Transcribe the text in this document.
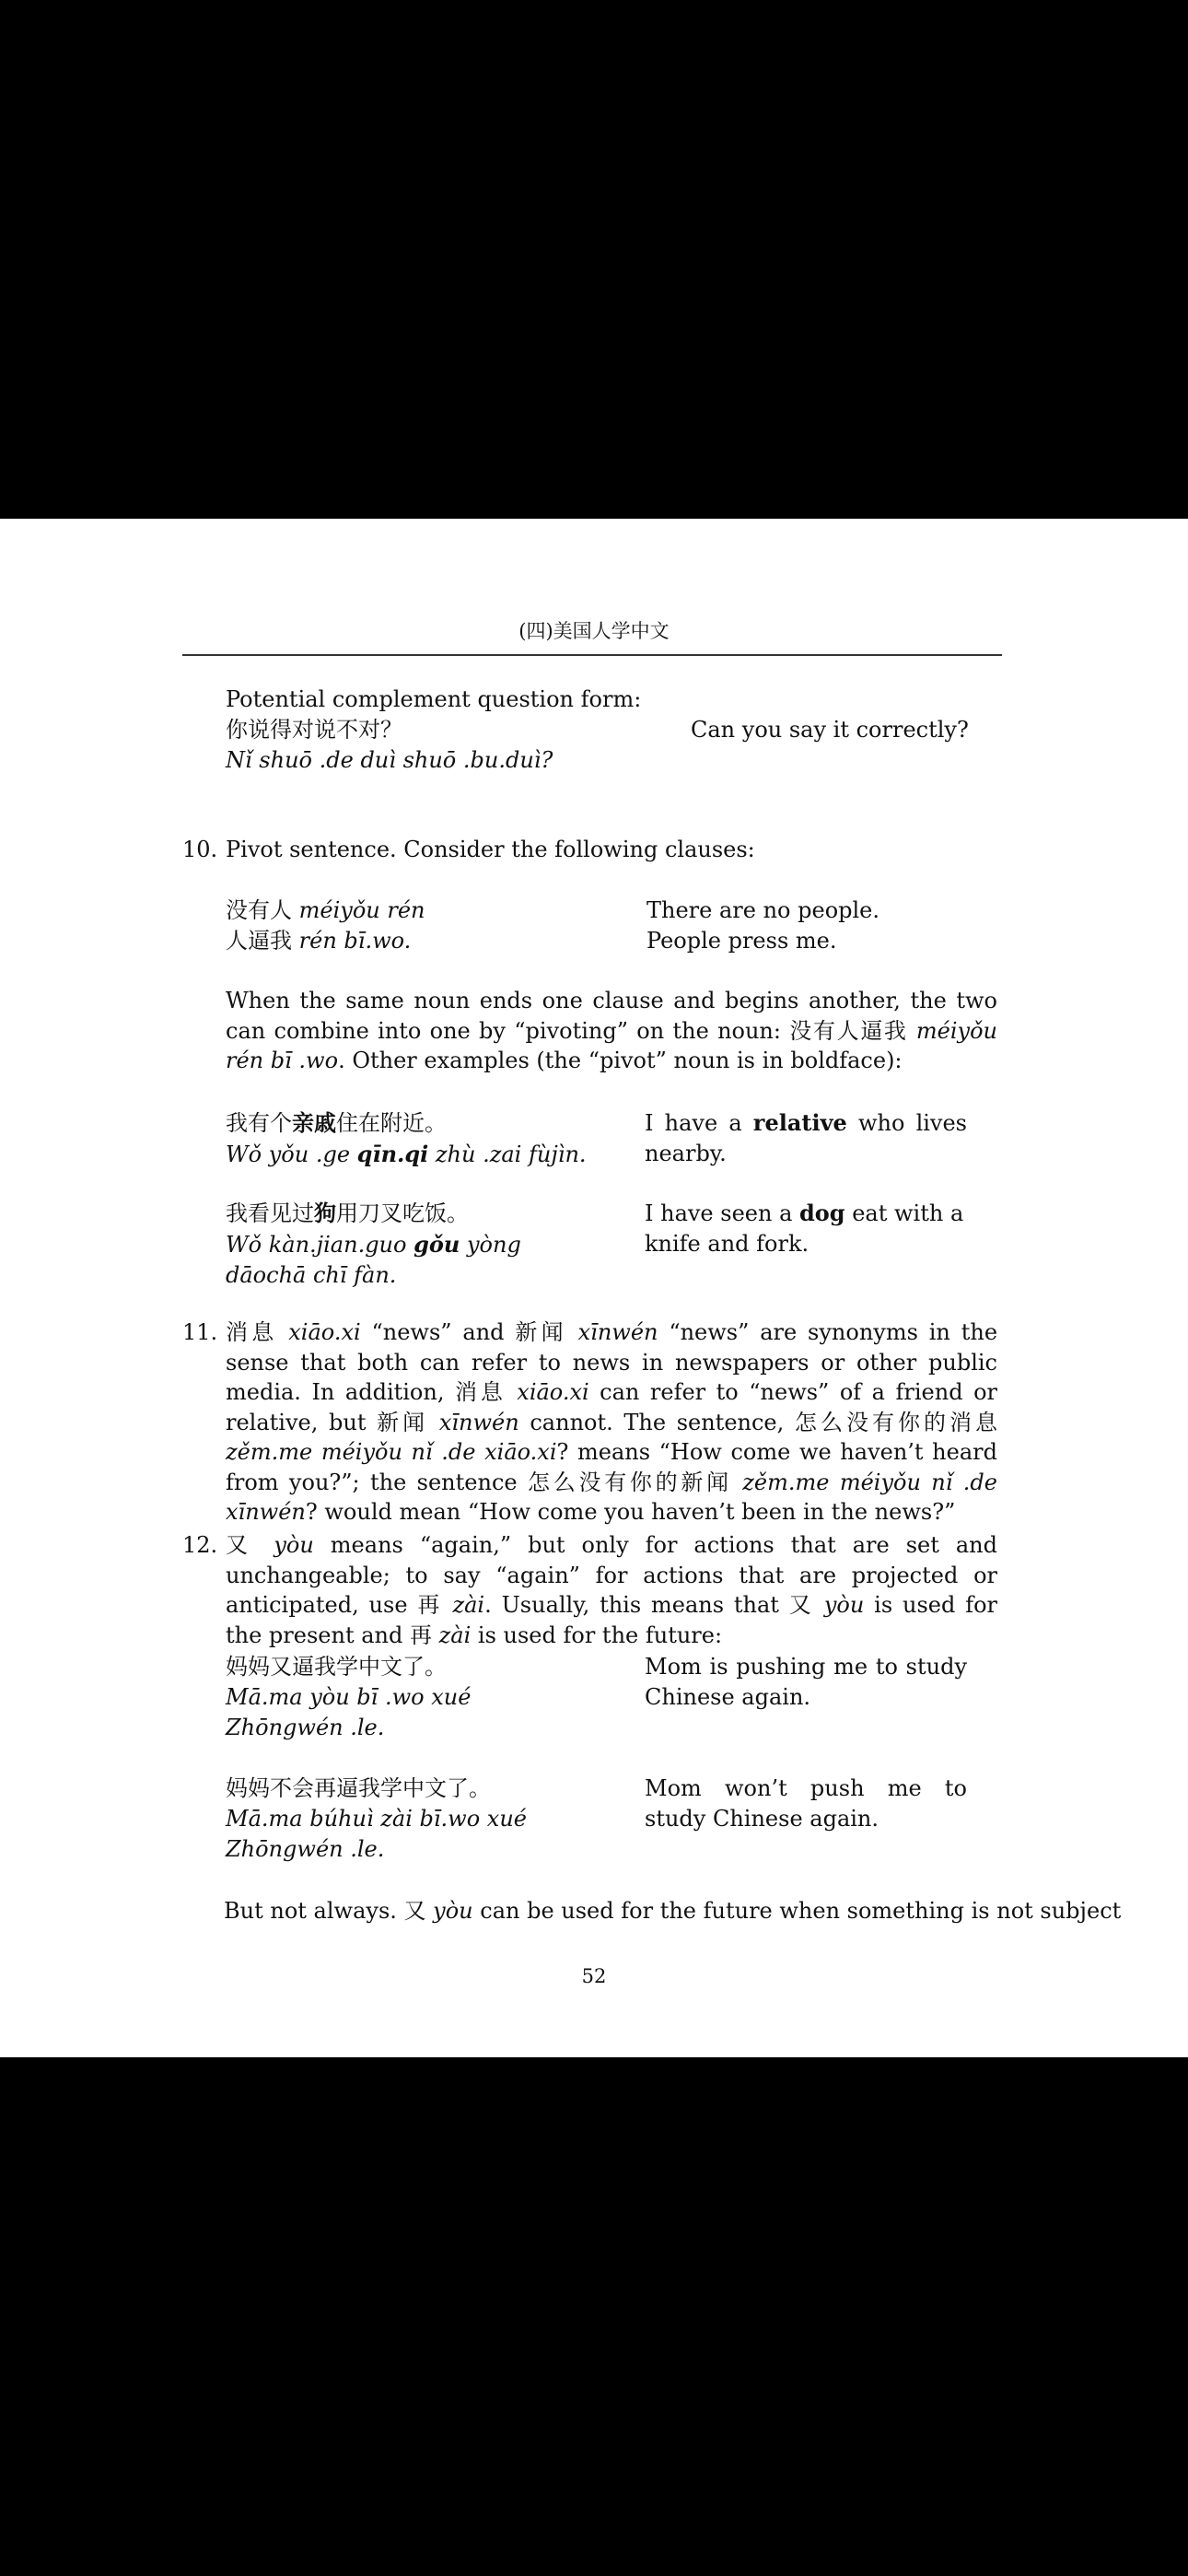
(四)美国人学中文
Potential complement question form:
你说得对说不对？
Nǐ shuō .de duì shuō .bu.duì?
Can you say it correctly?
10. Pivot sentence. Consider the following clauses:
没有人 méiyǒu rén	There are no people.
人逼我 rén bī.wo.	People press me.
When the same noun ends one clause and begins another, the two can combine into one by “pivoting” on the noun: 没有人逼我 méiyǒu rén bī .wo. Other examples (the “pivot” noun is in boldface):
我有个亲戚住在附近。
Wǒ yǒu .ge qīn.qi zhù .zai fùjìn.
I have a relative who lives nearby.
我看见过狗用刀叉吃饭。
Wǒ kàn.jian.guo gǒu yòng dāochā chī fàn.
I have seen a dog eat with a knife and fork.
11. 消息 xiāo.xi “news” and 新闻 xīnwén “news” are synonyms in the sense that both can refer to news in newspapers or other public media. In addition, 消息 xiāo.xi can refer to “news” of a friend or relative, but 新闻 xīnwén cannot. The sentence, 怎么没有你的消息 zěm.me méiyǒu nǐ .de xiāo.xi? means “How come we haven’t heard from you?”; the sentence 怎么没有你的新闻 zěm.me méiyǒu nǐ .de xīnwén? would mean “How come you haven’t been in the news?”
12. 又 yòu means “again,” but only for actions that are set and unchangeable; to say “again” for actions that are projected or anticipated, use 再 zài. Usually, this means that 又 yòu is used for the present and 再 zài is used for the future:
妈妈又逼我学中文了。
Mā.ma yòu bī .wo xué Zhōngwén .le.
Mom is pushing me to study Chinese again.
妈妈不会再逼我学中文了。
Mā.ma búhuì zài bī.wo xué Zhōngwén .le.
Mom won’t push me to study Chinese again.
But not always. 又 yòu can be used for the future when something is not subject
52
